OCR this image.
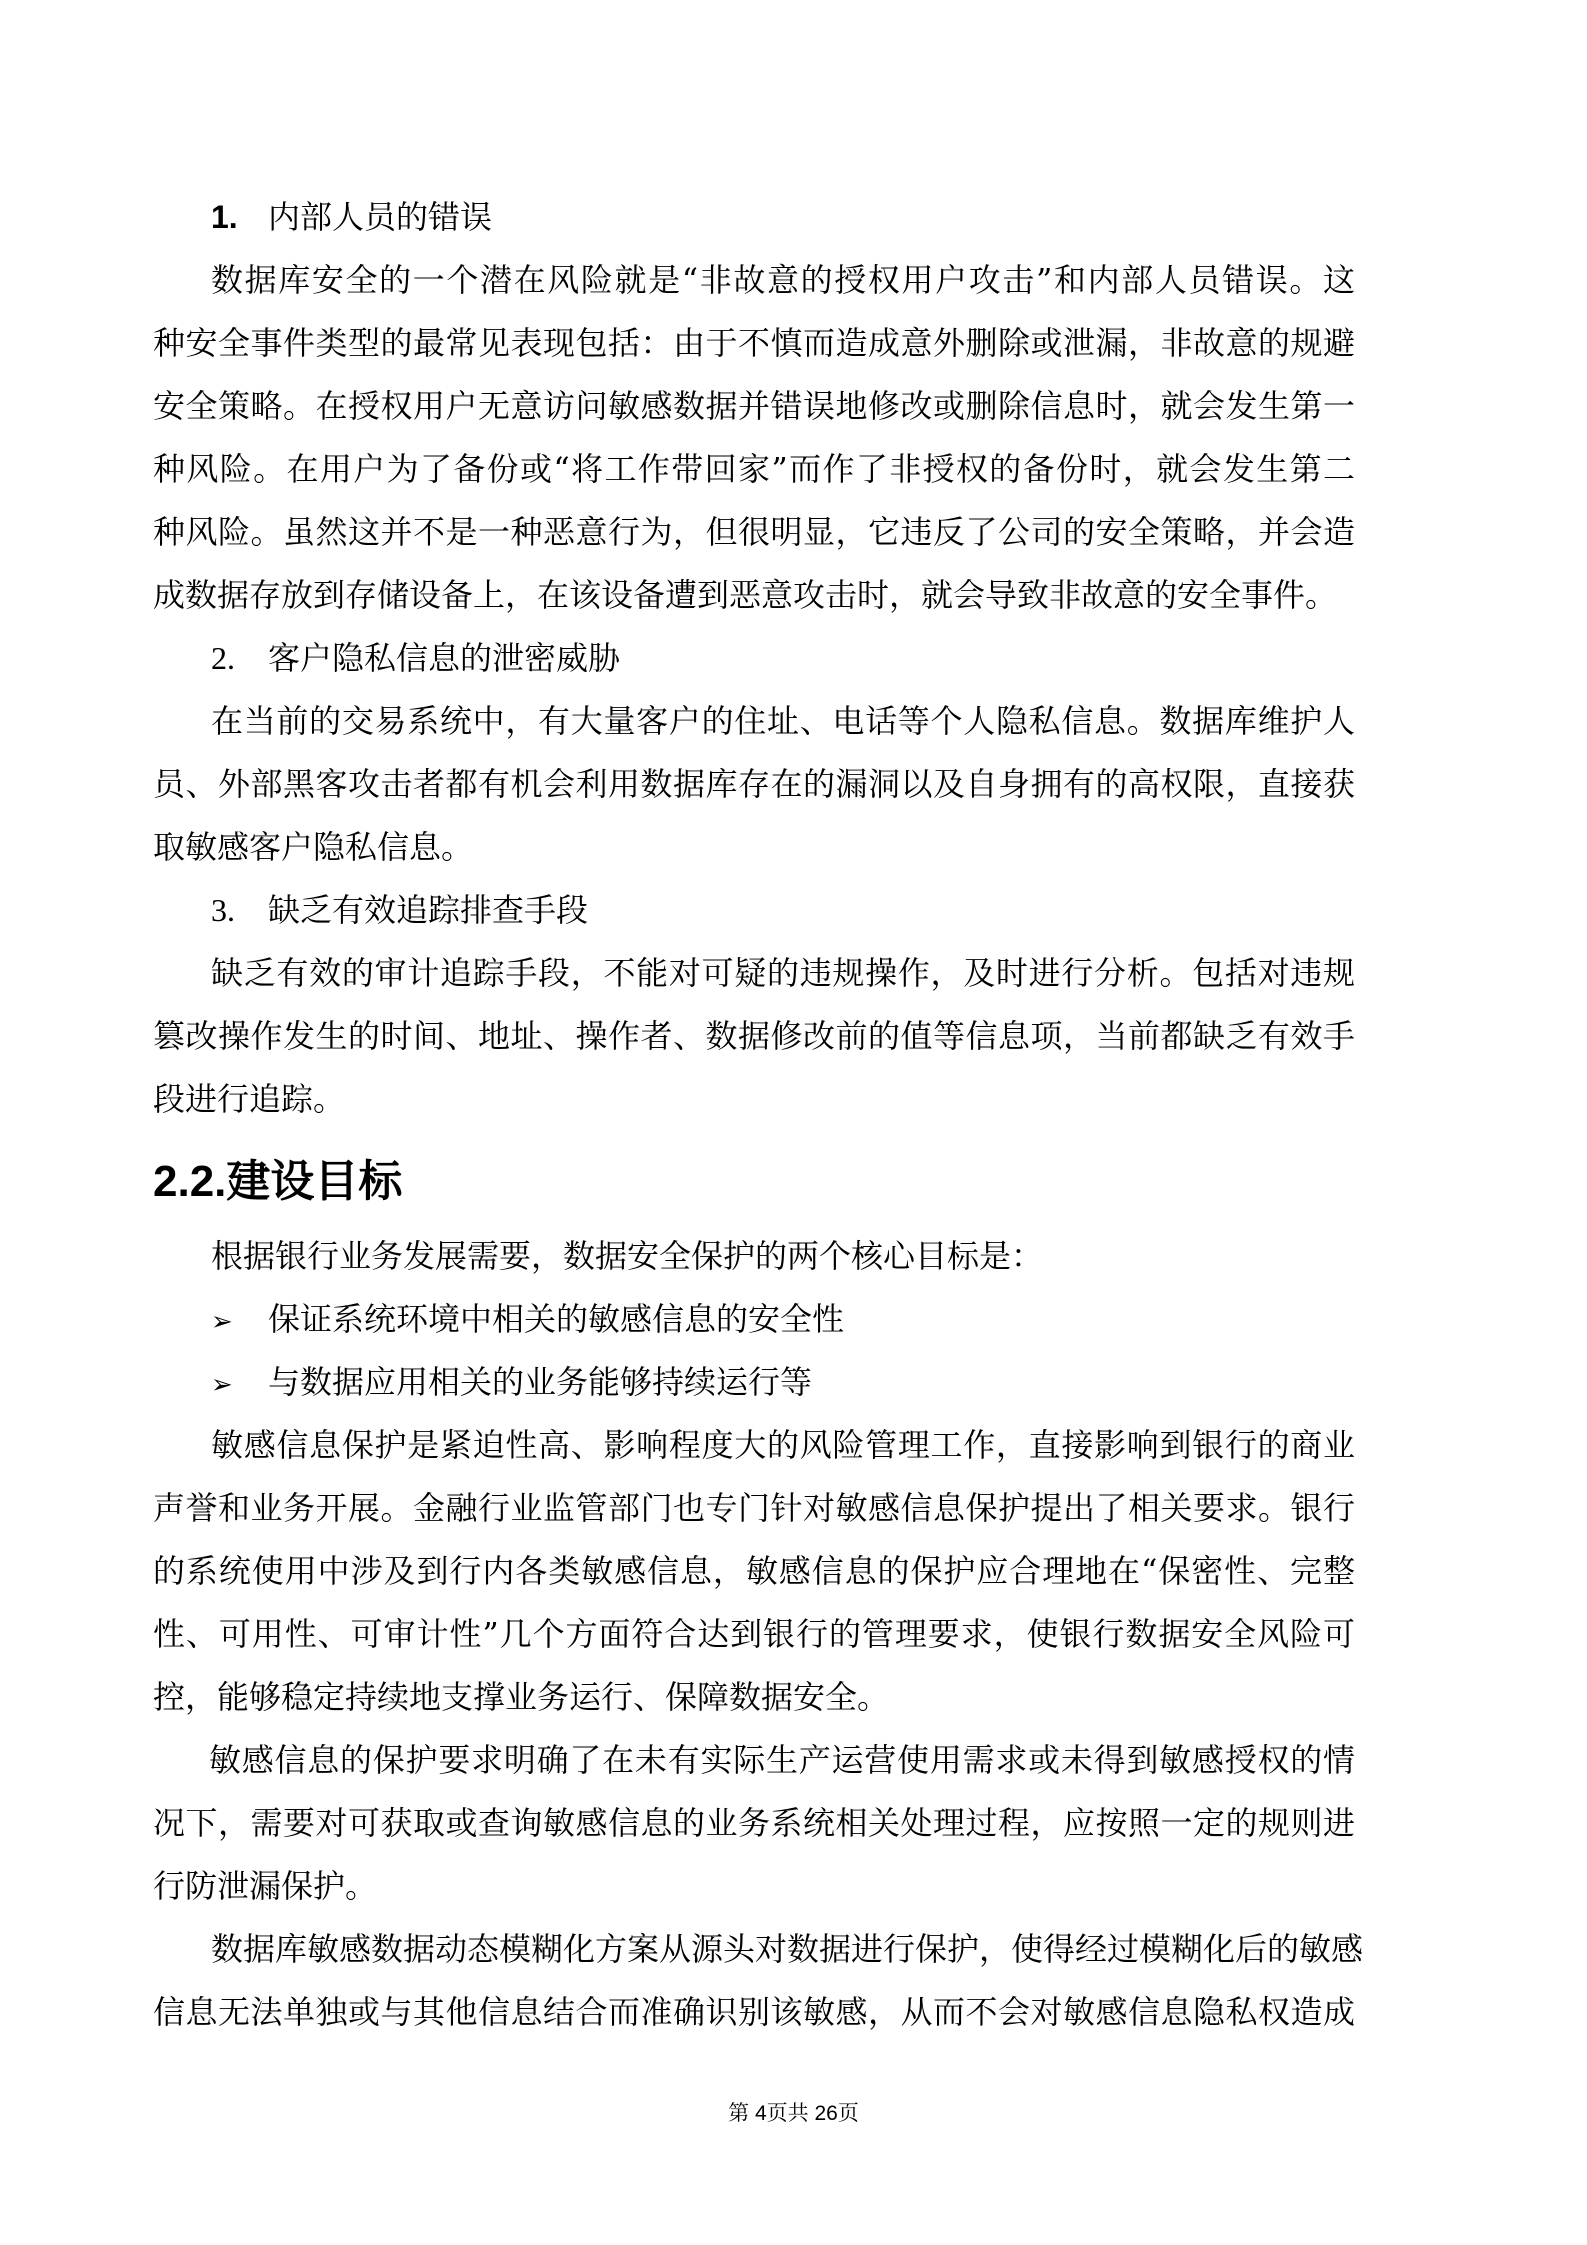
1. 内部人员的错误
数据库安全的一个潜在风险就是“非故意的授权用户攻击”和内部人员错误。这
种安全事件类型的最常见表现包括：由于不慎而造成意外删除或泄漏，非故意的规避
安全策略。在授权用户无意访问敏感数据并错误地修改或删除信息时，就会发生第一
种风险。在用户为了备份或“将工作带回家”而作了非授权的备份时，就会发生第二
种风险。虽然这并不是一种恶意行为，但很明显，它违反了公司的安全策略，并会造
成数据存放到存储设备上，在该设备遭到恶意攻击时，就会导致非故意的安全事件。
2. 客户隐私信息的泄密威胁
在当前的交易系统中，有大量客户的住址、电话等个人隐私信息。数据库维护人
员、外部黑客攻击者都有机会利用数据库存在的漏洞以及自身拥有的高权限，直接获
取敏感客户隐私信息。
3. 缺乏有效追踪排查手段
缺乏有效的审计追踪手段，不能对可疑的违规操作，及时进行分析。包括对违规
篡改操作发生的时间、地址、操作者、数据修改前的值等信息项，当前都缺乏有效手
段进行追踪。
2.2.建设目标
根据银行业务发展需要，数据安全保护的两个核心目标是：
➢ 保证系统环境中相关的敏感信息的安全性
➢ 与数据应用相关的业务能够持续运行等
敏感信息保护是紧迫性高、影响程度大的风险管理工作，直接影响到银行的商业
声誉和业务开展。金融行业监管部门也专门针对敏感信息保护提出了相关要求。银行
的系统使用中涉及到行内各类敏感信息，敏感信息的保护应合理地在“保密性、完整
性、可用性、可审计性”几个方面符合达到银行的管理要求，使银行数据安全风险可
控，能够稳定持续地支撑业务运行、保障数据安全。
敏感信息的保护要求明确了在未有实际生产运营使用需求或未得到敏感授权的情
况下，需要对可获取或查询敏感信息的业务系统相关处理过程，应按照一定的规则进
行防泄漏保护。
数据库敏感数据动态模糊化方案从源头对数据进行保护，使得经过模糊化后的敏感
信息无法单独或与其他信息结合而准确识别该敏感，从而不会对敏感信息隐私权造成
第 4页共 26页
